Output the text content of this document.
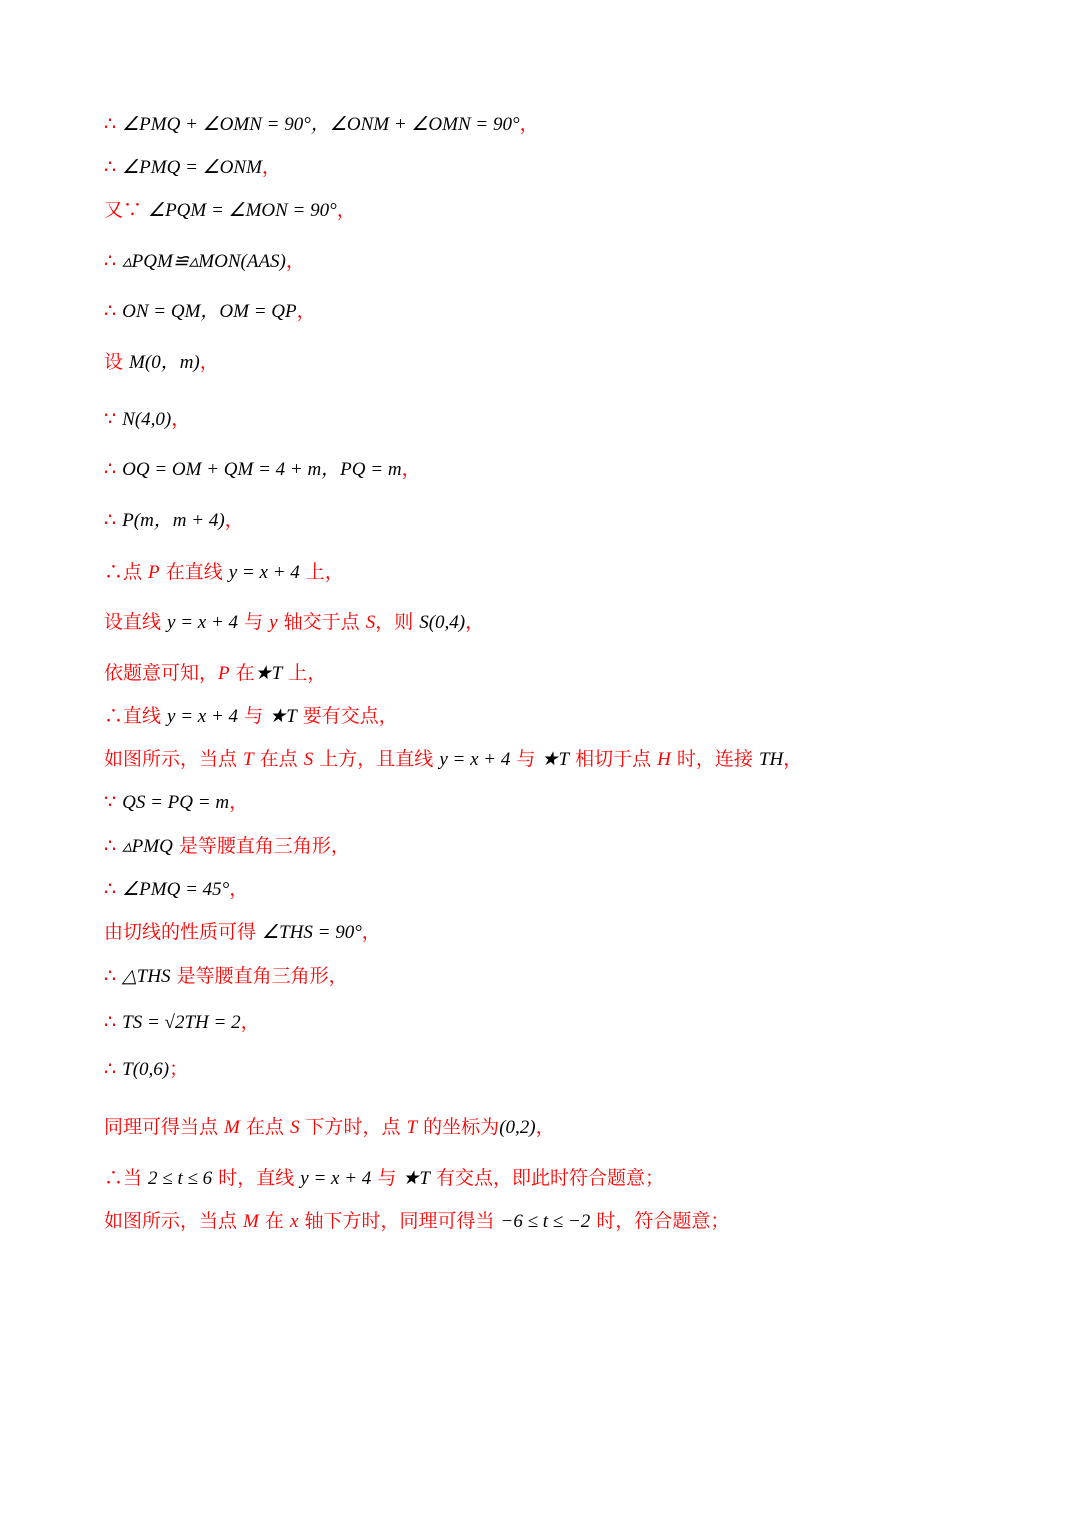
∴ ∠PMQ + ∠OMN = 90°，∠ONM + ∠OMN = 90°，
∴ ∠PMQ = ∠ONM，
又∵ ∠PQM = ∠MON = 90°，
∴ ▵PQM≌▵MON(AAS)，
∴ ON = QM，OM = QP，
设 M(0，m)，
∵ N(4,0)，
∴ OQ = OM + QM = 4 + m，PQ = m，
∴ P(m，m + 4)，
∴点 P 在直线 y = x + 4 上，
设直线 y = x + 4 与 y 轴交于点 S，则 S(0,4)，
依题意可知，P 在★T 上，
∴直线 y = x + 4 与 ★T 要有交点，
如图所示，当点 T 在点 S 上方，且直线 y = x + 4 与 ★T 相切于点 H 时，连接 TH，
∵ QS = PQ = m，
∴ ▵PMQ 是等腰直角三角形，
∴ ∠PMQ = 45°，
由切线的性质可得 ∠THS = 90°，
∴ △THS 是等腰直角三角形，
∴ TS = √2TH = 2，
∴ T(0,6)；
同理可得当点 M 在点 S 下方时，点 T 的坐标为(0,2)，
∴当 2 ≤ t ≤ 6 时，直线 y = x + 4 与 ★T 有交点，即此时符合题意；
如图所示，当点 M 在 x 轴下方时，同理可得当 −6 ≤ t ≤ −2 时，符合题意；
